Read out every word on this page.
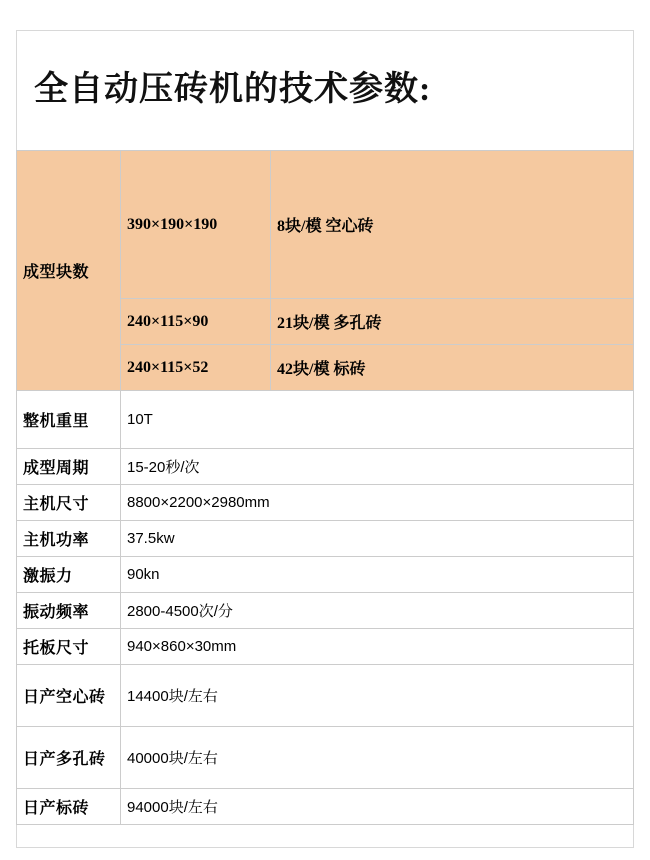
全自动压砖机的技术参数:
成型块数	390×190×190	8块/模 空心砖
	240×115×90	21块/模 多孔砖
	240×115×52	42块/模 标砖
整机重里	10T	
成型周期	15-20秒/次	
主机尺寸	8800×2200×2980mm	
主机功率	37.5kw	
激振力	90kn	
振动频率	2800-4500次/分	
托板尺寸	940×860×30mm	
日产空心砖	14400块/左右	
日产多孔砖	40000块/左右	
日产标砖	94000块/左右	
